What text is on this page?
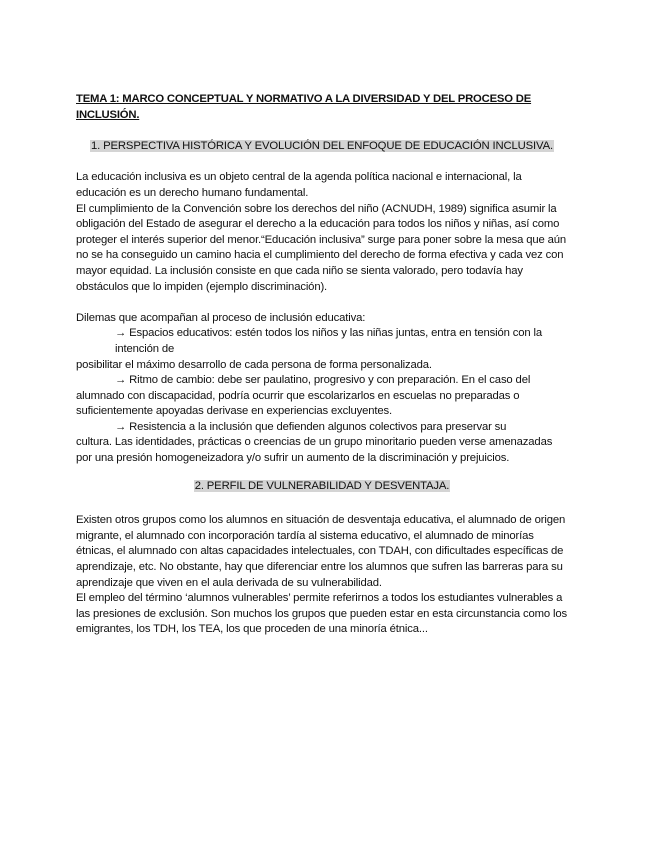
TEMA 1: MARCO CONCEPTUAL Y NORMATIVO A LA DIVERSIDAD Y DEL PROCESO DE INCLUSIÓN.

1. PERSPECTIVA HISTÓRICA Y EVOLUCIÓN DEL ENFOQUE DE EDUCACIÓN INCLUSIVA.

La educación inclusiva es un objeto central de la agenda política nacional e internacional, la educación es un derecho humano fundamental.

El cumplimiento de la Convención sobre los derechos del niño (ACNUDH, 1989) significa asumir la obligación del Estado de asegurar el derecho a la educación para todos los niños y niñas, así como proteger el interés superior del menor.“Educación inclusiva” surge para poner sobre la mesa que aún no se ha conseguido un camino hacia el cumplimiento del derecho de forma efectiva y cada vez con mayor equidad. La inclusión consiste en que cada niño se sienta valorado, pero todavía hay obstáculos que lo impiden (ejemplo discriminación).

Dilemas que acompañan al proceso de inclusión educativa:

→ Espacios educativos: estén todos los niños y las niñas juntas, entra en tensión con la intención de

posibilitar el máximo desarrollo de cada persona de forma personalizada.

→ Ritmo de cambio: debe ser paulatino, progresivo y con preparación. En el caso del

alumnado con discapacidad, podría ocurrir que escolarizarlos en escuelas no preparadas o suficientemente apoyadas derivase en experiencias excluyentes.

→ Resistencia a la inclusión que defienden algunos colectivos para preservar su

cultura. Las identidades, prácticas o creencias de un grupo minoritario pueden verse amenazadas por una presión homogeneizadora y/o sufrir un aumento de la discriminación y prejuicios.

2. PERFIL DE VULNERABILIDAD Y DESVENTAJA.

Existen otros grupos como los alumnos en situación de desventaja educativa, el alumnado de origen migrante, el alumnado con incorporación tardía al sistema educativo, el alumnado de minorías étnicas, el alumnado con altas capacidades intelectuales, con TDAH, con dificultades específicas de aprendizaje, etc. No obstante, hay que diferenciar entre los alumnos que sufren las barreras para su aprendizaje que viven en el aula derivada de su vulnerabilidad.

El empleo del término ‘alumnos vulnerables’ permite referirnos a todos los estudiantes vulnerables a las presiones de exclusión. Son muchos los grupos que pueden estar en esta circunstancia como los emigrantes, los TDH, los TEA, los que proceden de una minoría étnica...
